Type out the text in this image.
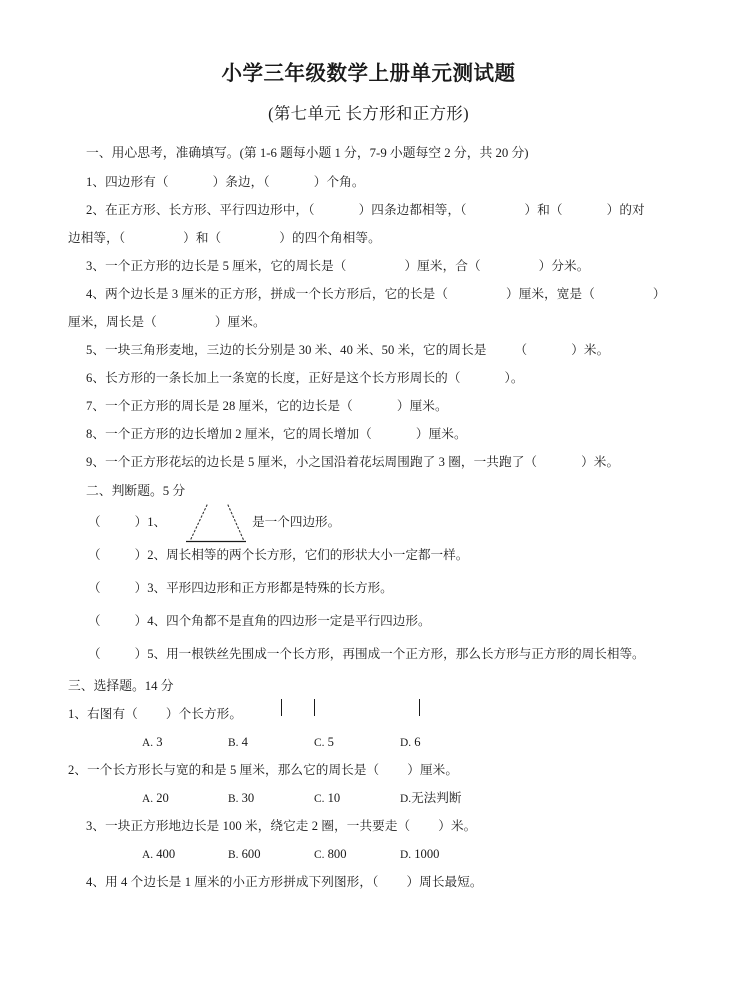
小学三年级数学上册单元测试题
(第七单元 长方形和正方形)
一、用心思考，准确填写。(第 1-6 题每小题 1 分，7-9 小题每空 2 分，共 20 分)
1、四边形有（	）条边，（	）个角。
2、在正方形、长方形、平行四边形中，（	）四条边都相等，（	）和（	）的对
边相等，（	）和（	）的四个角相等。
3、一个正方形的边长是 5 厘米，它的周长是（	）厘米，合（	）分米。
4、两个边长是 3 厘米的正方形，拼成一个长方形后，它的长是（	）厘米，宽是（	）
厘米，周长是（	）厘米。
5、一块三角形麦地，三边的长分别是 30 米、40 米、50 米，它的周长是 （	）米。
6、长方形的一条长加上一条宽的长度，正好是这个长方形周长的（	）。
7、一个正方形的周长是 28 厘米，它的边长是（	）厘米。
8、一个正方形的边长增加 2 厘米，它的周长增加（	）厘米。
9、一个正方形花坛的边长是 5 厘米，小之国沿着花坛周围跑了 3 圈，一共跑了（	）米。
二、判断题。5 分
（	）1、	是一个四边形。
（	）2、周长相等的两个长方形，它们的形状大小一定都一样。
（	）3、平形四边形和正方形都是特殊的长方形。
（	）4、四个角都不是直角的四边形一定是平行四边形。
（	）5、用一根铁丝先围成一个长方形，再围成一个正方形，那么长方形与正方形的周长相等。
三、选择题。14 分
1、右图有（ ）个长方形。
A. 3	B. 4	C. 5	D. 6
2、一个长方形长与宽的和是 5 厘米，那么它的周长是（ ）厘米。
A. 20	B. 30	C. 10	D.无法判断
3、一块正方形地边长是 100 米，绕它走 2 圈，一共要走（ ）米。
A. 400	B. 600	C. 800	D. 1000
4、用 4 个边长是 1 厘米的小正方形拼成下列图形，（ ）周长最短。
